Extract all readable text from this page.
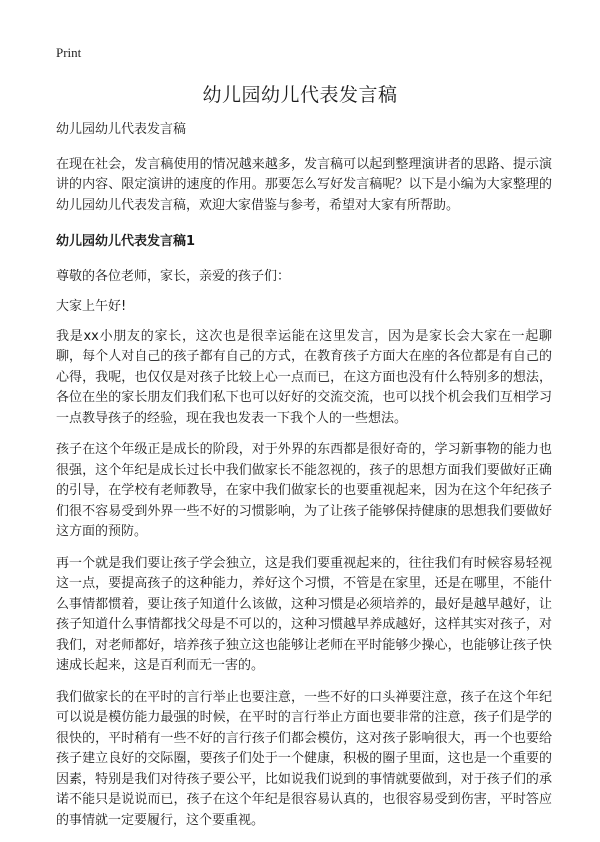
Print
幼儿园幼儿代表发言稿

幼儿园幼儿代表发言稿

在现在社会，发言稿使用的情况越来越多，发言稿可以起到整理演讲者的思路、提示演讲的内容、限定演讲的速度的作用。那要怎么写好发言稿呢？以下是小编为大家整理的幼儿园幼儿代表发言稿，欢迎大家借鉴与参考，希望对大家有所帮助。

幼儿园幼儿代表发言稿1

尊敬的各位老师，家长，亲爱的孩子们：

大家上午好!

我是xx小朋友的家长，这次也是很幸运能在这里发言，因为是家长会大家在一起聊聊，每个人对自己的孩子都有自己的方式，在教育孩子方面大在座的各位都是有自己的心得，我呢，也仅仅是对孩子比较上心一点而已，在这方面也没有什么特别多的想法，各位在坐的家长朋友们我们私下也可以好好的交流交流，也可以找个机会我们互相学习一点教导孩子的经验，现在我也发表一下我个人的一些想法。

孩子在这个年级正是成长的阶段，对于外界的东西都是很好奇的，学习新事物的能力也很强，这个年纪是成长过长中我们做家长不能忽视的，孩子的思想方面我们要做好正确的引导，在学校有老师教导，在家中我们做家长的也要重视起来，因为在这个年纪孩子们很不容易受到外界一些不好的习惯影响，为了让孩子能够保持健康的思想我们要做好这方面的预防。

再一个就是我们要让孩子学会独立，这是我们要重视起来的，往往我们有时候容易轻视这一点，要提高孩子的这种能力，养好这个习惯，不管是在家里，还是在哪里，不能什么事情都惯着，要让孩子知道什么该做，这种习惯是必须培养的，最好是越早越好，让孩子知道什么事情都找父母是不可以的，这种习惯越早养成越好，这样其实对孩子，对我们，对老师都好，培养孩子独立这也能够让老师在平时能够少操心，也能够让孩子快速成长起来，这是百利而无一害的。

我们做家长的在平时的言行举止也要注意，一些不好的口头禅要注意，孩子在这个年纪可以说是模仿能力最强的时候，在平时的言行举止方面也要非常的注意，孩子们是学的很快的，平时稍有一些不好的言行孩子们都会模仿，这对孩子影响很大，再一个也要给孩子建立良好的交际圈，要孩子们处于一个健康，积极的圈子里面，这也是一个重要的因素，特别是我们对待孩子要公平，比如说我们说到的事情就要做到，对于孩子们的承诺不能只是说说而已，孩子在这个年纪是很容易认真的，也很容易受到伤害，平时答应的事情就一定要履行，这个要重视。
